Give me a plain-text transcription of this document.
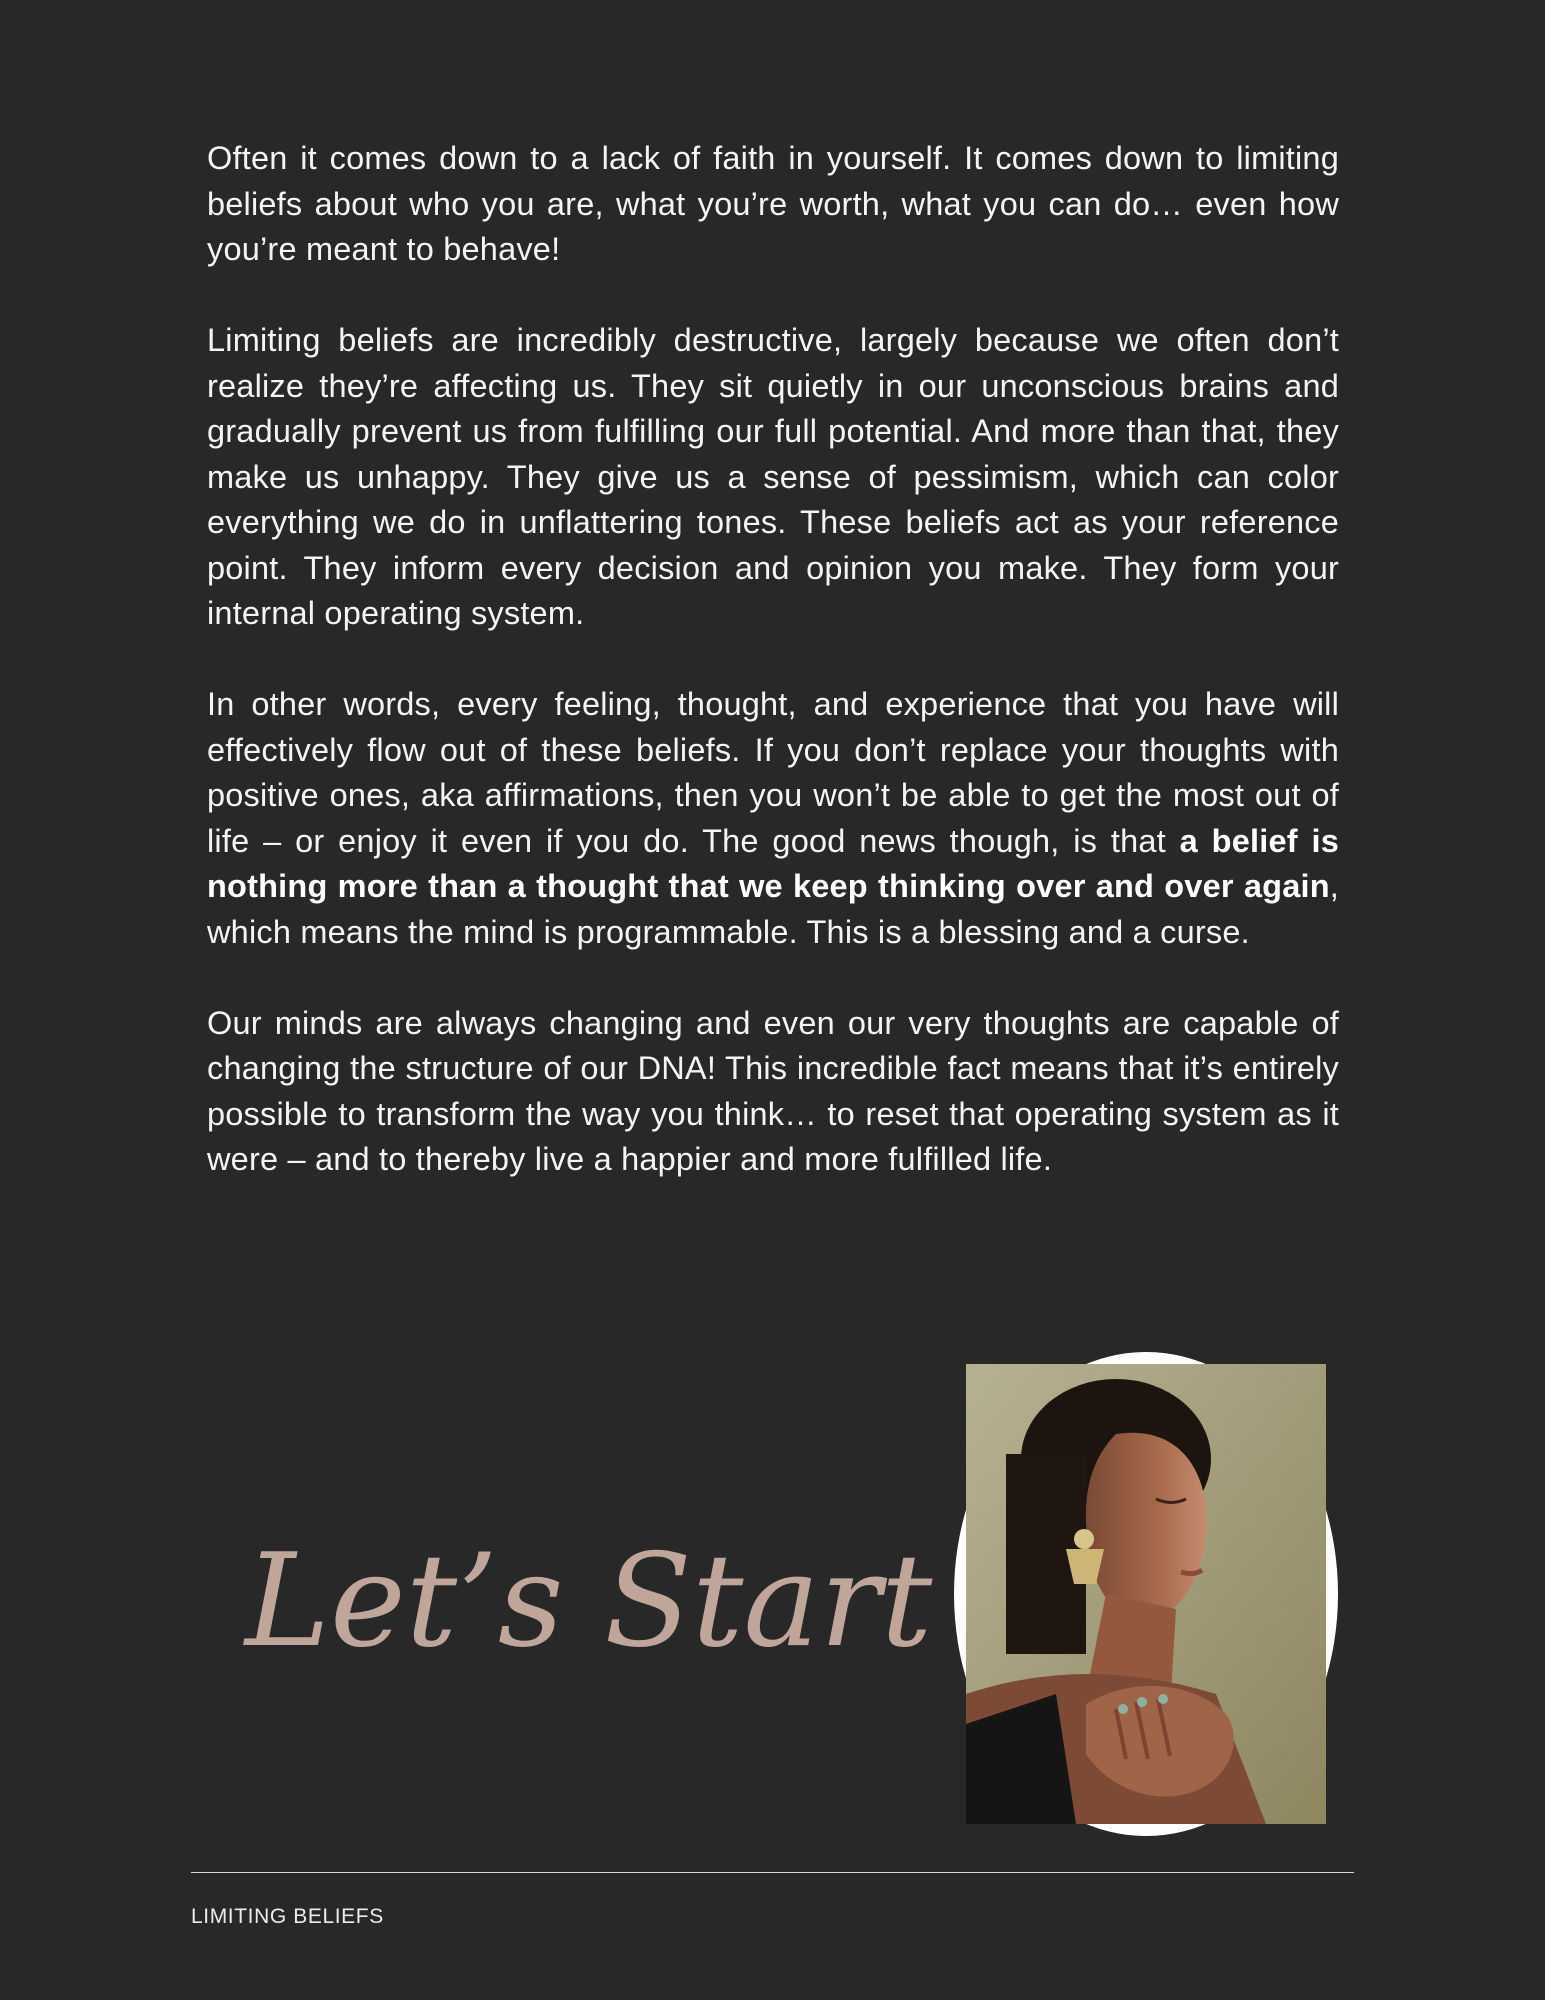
Often it comes down to a lack of faith in yourself. It comes down to limiting beliefs about who you are, what you’re worth, what you can do… even how you’re meant to behave!

Limiting beliefs are incredibly destructive, largely because we often don’t realize they’re affecting us. They sit quietly in our unconscious brains and gradually prevent us from fulfilling our full potential. And more than that, they make us unhappy. They give us a sense of pessimism, which can color everything we do in unflattering tones. These beliefs act as your reference point. They inform every decision and opinion you make. They form your internal operating system.

In other words, every feeling, thought, and experience that you have will effectively flow out of these beliefs. If you don’t replace your thoughts with positive ones, aka affirmations, then you won’t be able to get the most out of life – or enjoy it even if you do. The good news though, is that a belief is nothing more than a thought that we keep thinking over and over again, which means the mind is programmable. This is a blessing and a curse.

Our minds are always changing and even our very thoughts are capable of changing the structure of our DNA! This incredible fact means that it’s entirely possible to transform the way you think… to reset that operating system as it were – and to thereby live a happier and more fulfilled life.

Let’s Start
LIMITING BELIEFS
